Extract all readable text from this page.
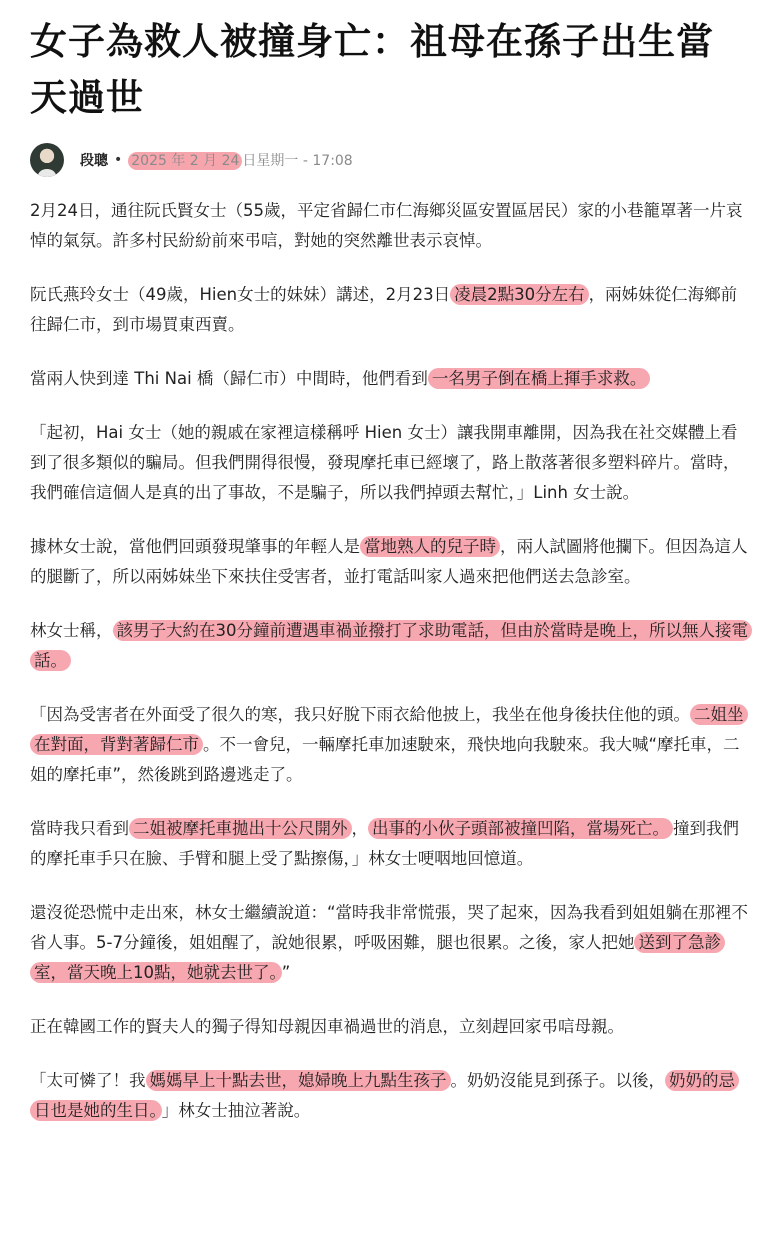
女子為救人被撞身亡：祖母在孫子出生當天過世
段聰 • 2025 年 2 月 24 日星期一 - 17:08

2月24日，通往阮氏賢女士（55歲，平定省歸仁市仁海鄉災區安置區居民）家的小巷籠罩著一片哀悼的氣氛。許多村民紛紛前來弔唁，對她的突然離世表示哀悼。

阮氏燕玲女士（49歲，Hien女士的妹妹）講述，2月23日 凌晨2點30分左右 ，兩姊妹從仁海鄉前往歸仁市，到市場買東西賣。

當兩人快到達 Thi Nai 橋（歸仁市）中間時，他們看到 一名男子倒在橋上揮手求救。

「起初，Hai 女士（她的親戚在家裡這樣稱呼 Hien 女士）讓我開車離開，因為我在社交媒體上看到了很多類似的騙局。但我們開得很慢，發現摩托車已經壞了，路上散落著很多塑料碎片。當時，我們確信這個人是真的出了事故，不是騙子，所以我們掉頭去幫忙，」Linh 女士說。

據林女士說，當他們回頭發現肇事的年輕人是 當地熟人的兒子時 ，兩人試圖將他攔下。但因為這人的腿斷了，所以兩姊妹坐下來扶住受害者，並打電話叫家人過來把他們送去急診室。

林女士稱， 該男子大約在30分鐘前遭遇車禍並撥打了求助電話，但由於當時是晚上，所以無人接電話。

「因為受害者在外面受了很久的寒，我只好脫下雨衣給他披上，我坐在他身後扶住他的頭。 二姐坐在對面，背對著歸仁市 。不一會兒，一輛摩托車加速駛來，飛快地向我駛來。我大喊“摩托車，二姐的摩托車”，然後跳到路邊逃走了。

當時我只看到 二姐被摩托車拋出十公尺開外 ， 出事的小伙子頭部被撞凹陷，當場死亡。 撞到我們的摩托車手只在臉、手臂和腿上受了點擦傷，」林女士哽咽地回憶道。

還沒從恐慌中走出來，林女士繼續說道：“當時我非常慌張，哭了起來，因為我看到姐姐躺在那裡不省人事。5-7分鐘後，姐姐醒了，說她很累，呼吸困難，腿也很累。之後，家人把她 送到了急診室，當天晚上10點，她就去世了。 ”

正在韓國工作的賢夫人的獨子得知母親因車禍過世的消息，立刻趕回家弔唁母親。

「太可憐了！我 媽媽早上十點去世，媳婦晚上九點生孩子 。奶奶沒能見到孫子。以後， 奶奶的忌日也是她的生日。 」林女士抽泣著說。
